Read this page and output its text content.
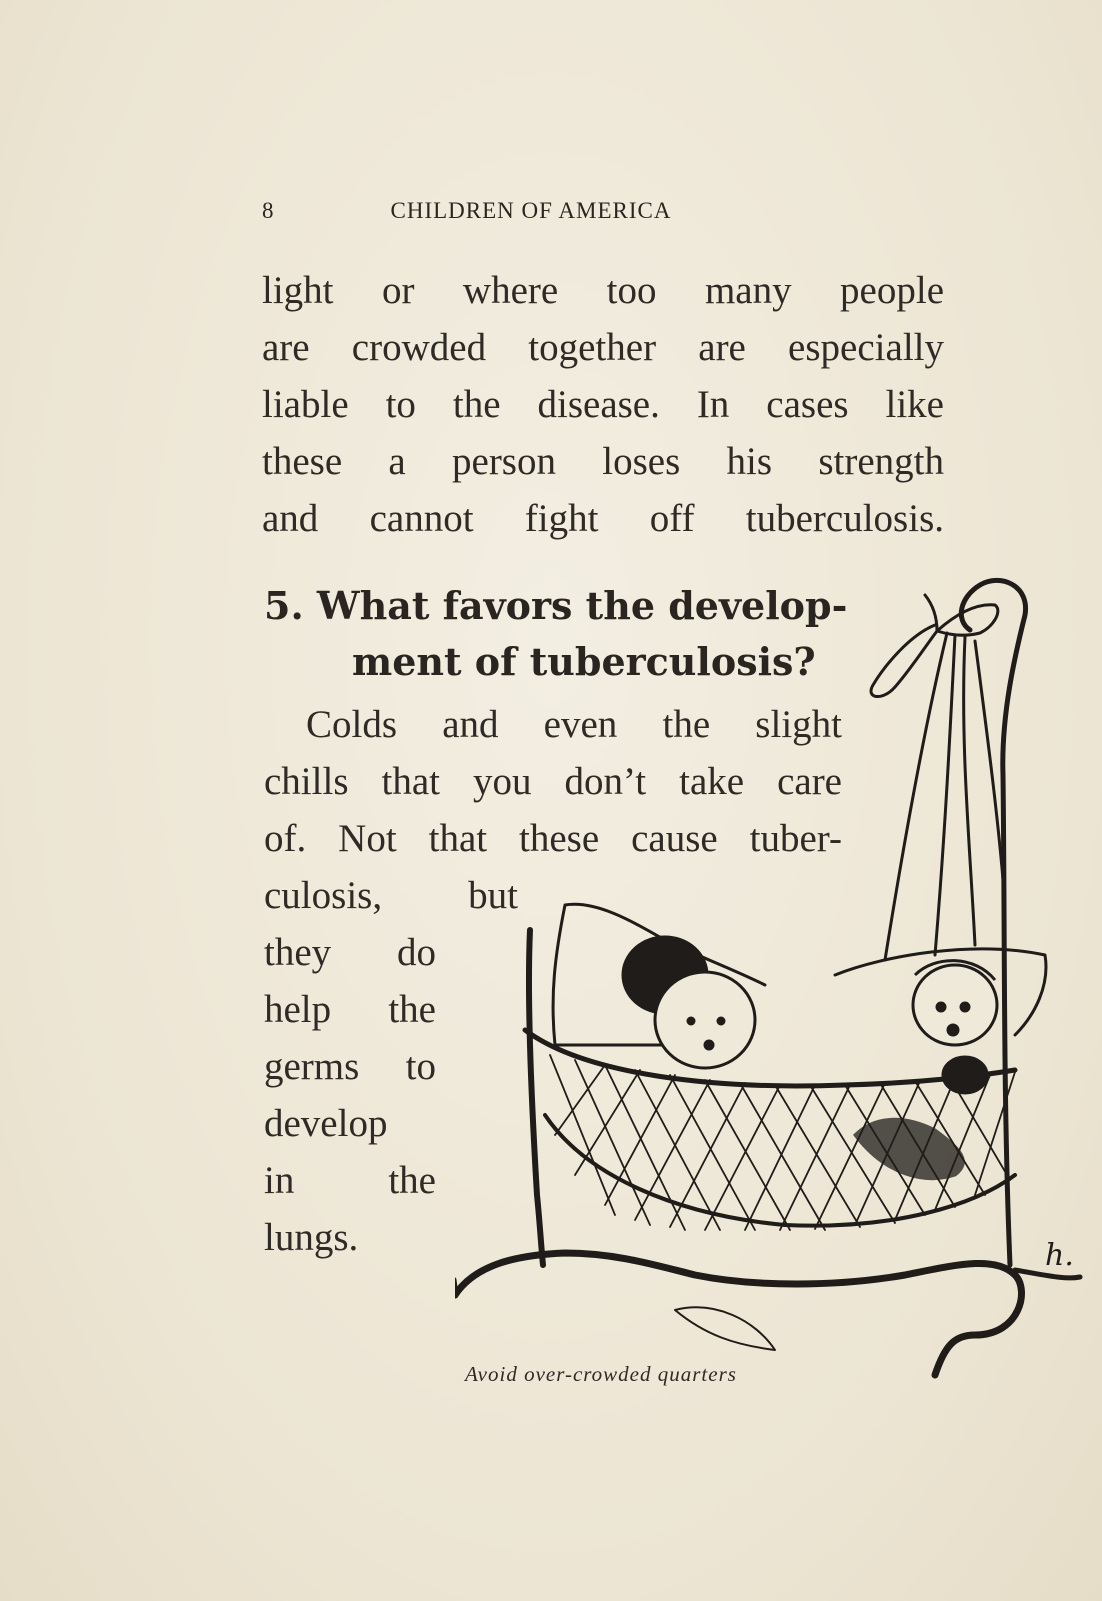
8	CHILDREN OF AMERICA
light or where too many people
are crowded together are especially
liable to the disease. In cases like
these a person loses his strength
and cannot fight off tuberculosis.
5. What favors the develop-
ment of tuberculosis?
Colds and even the slight
chills that you don’t take care
of. Not that these cause tuber-
culosis, but
they do
help the
germs to
develop
in the
lungs.	h.
Avoid over-crowded quarters
